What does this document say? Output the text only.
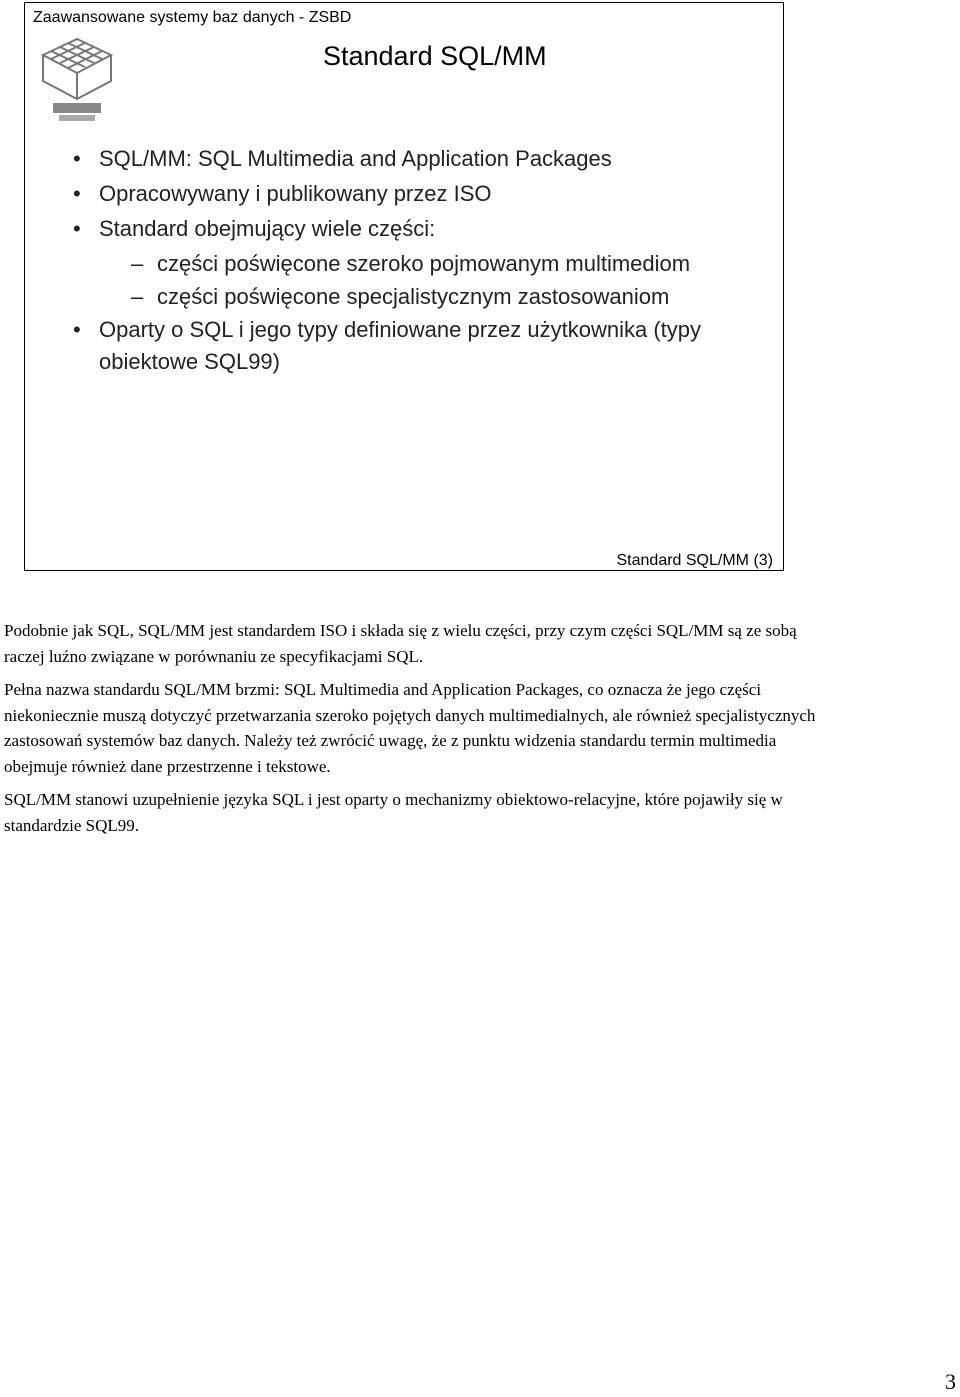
Zaawansowane systemy baz danych - ZSBD
Standard SQL/MM
• SQL/MM: SQL Multimedia and Application Packages
• Opracowywany i publikowany przez ISO
• Standard obejmujący wiele części:
– części poświęcone szeroko pojmowanym multimediom
– części poświęcone specjalistycznym zastosowaniom
• Oparty o SQL i jego typy definiowane przez użytkownika (typy obiektowe SQL99)
Standard SQL/MM (3)

Podobnie jak SQL, SQL/MM jest standardem ISO i składa się z wielu części, przy czym części SQL/MM są ze sobą raczej luźno związane w porównaniu ze specyfikacjami SQL.

Pełna nazwa standardu SQL/MM brzmi: SQL Multimedia and Application Packages, co oznacza że jego części niekoniecznie muszą dotyczyć przetwarzania szeroko pojętych danych multimedialnych, ale również specjalistycznych zastosowań systemów baz danych. Należy też zwrócić uwagę, że z punktu widzenia standardu termin multimedia obejmuje również dane przestrzenne i tekstowe.

SQL/MM stanowi uzupełnienie języka SQL i jest oparty o mechanizmy obiektowo-relacyjne, które pojawiły się w standardzie SQL99.

3
